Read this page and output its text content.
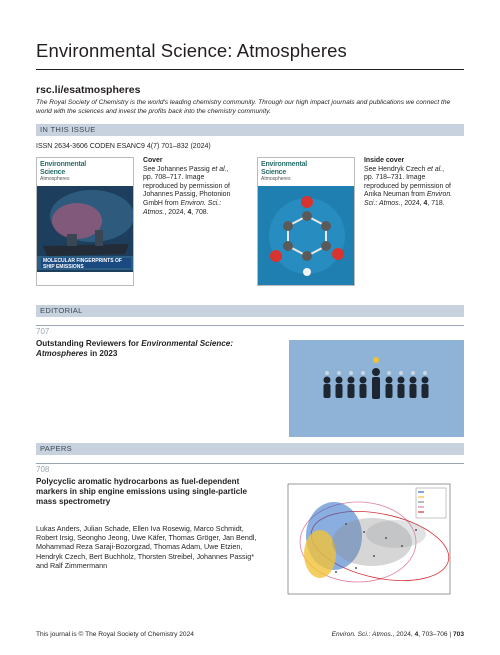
Environmental Science: Atmospheres
rsc.li/esatmospheres
The Royal Society of Chemistry is the world's leading chemistry community. Through our high impact journals and publications we connect the world with the sciences and invest the profits back into the chemistry community.
IN THIS ISSUE
ISSN 2634-3606 CODEN ESANC9 4(7) 701–832 (2024)
Environmental
Science
Atmospheres
MOLECULAR FINGERPRINTS OF SHIP EMISSIONS
Cover
See Johannes Passig et al., pp. 708–717. Image reproduced by permission of Johannes Passig, Photonion GmbH from Environ. Sci.: Atmos., 2024, 4, 708.
Environmental
Science
Atmospheres
Inside cover
See Hendryk Czech et al., pp. 718–731. Image reproduced by permission of Anika Neuman from Environ. Sci.: Atmos., 2024, 4, 718.
EDITORIAL
707
Outstanding Reviewers for Environmental Science: Atmospheres in 2023
PAPERS
708
Polycyclic aromatic hydrocarbons as fuel-dependent markers in ship engine emissions using single-particle mass spectrometry
Lukas Anders, Julian Schade, Ellen Iva Rosewig, Marco Schmidt, Robert Irsig, Seongho Jeong, Uwe Käfer, Thomas Gröger, Jan Bendl, Mohammad Reza Saraji-Bozorgzad, Thomas Adam, Uwe Etzien, Hendryk Czech, Bert Buchholz, Thorsten Streibel, Johannes Passig* and Ralf Zimmermann
This journal is © The Royal Society of Chemistry 2024	Environ. Sci.: Atmos., 2024, 4, 703–706 | 703
